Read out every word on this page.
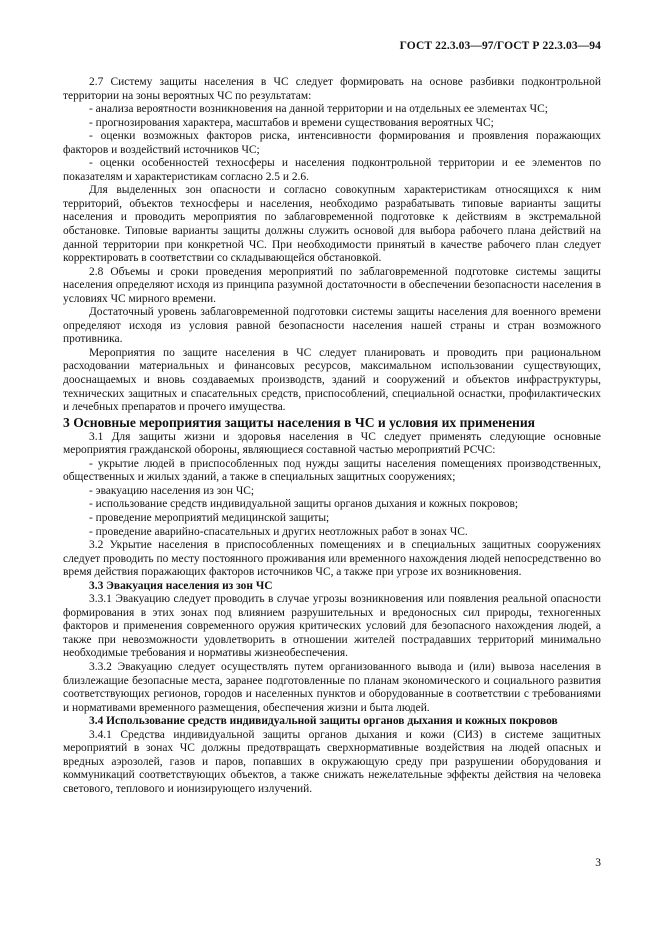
ГОСТ 22.3.03—97/ГОСТ Р 22.3.03—94

2.7 Систему защиты населения в ЧС следует формировать на основе разбивки подконтрольной территории на зоны вероятных ЧС по результатам:

- анализа вероятности возникновения на данной территории и на отдельных ее элементах ЧС;

- прогнозирования характера, масштабов и времени существования вероятных ЧС;

- оценки возможных факторов риска, интенсивности формирования и проявления поражающих факторов и воздействий источников ЧС;

- оценки особенностей техносферы и населения подконтрольной территории и ее элементов по показателям и характеристикам согласно 2.5 и 2.6.

Для выделенных зон опасности и согласно совокупным характеристикам относящихся к ним территорий, объектов техносферы и населения, необходимо разрабатывать типовые варианты защиты населения и проводить мероприятия по заблаговременной подготовке к действиям в экстремальной обстановке. Типовые варианты защиты должны служить основой для выбора рабочего плана действий на данной территории при конкретной ЧС. При необходимости принятый в качестве рабочего план следует корректировать в соответствии со складывающейся обстановкой.

2.8 Объемы и сроки проведения мероприятий по заблаговременной подготовке системы защиты населения определяют исходя из принципа разумной достаточности в обеспечении безопасности населения в условиях ЧС мирного времени.

Достаточный уровень заблаговременной подготовки системы защиты населения для военного времени определяют исходя из условия равной безопасности населения нашей страны и стран возможного противника.

Мероприятия по защите населения в ЧС следует планировать и проводить при рациональном расходовании материальных и финансовых ресурсов, максимальном использовании существующих, дооснащаемых и вновь создаваемых производств, зданий и сооружений и объектов инфраструктуры, технических защитных и спасательных средств, приспособлений, специальной оснастки, профилактических и лечебных препаратов и прочего имущества.

3 Основные мероприятия защиты населения в ЧС и условия их применения

3.1 Для защиты жизни и здоровья населения в ЧС следует применять следующие основные мероприятия гражданской обороны, являющиеся составной частью мероприятий РСЧС:

- укрытие людей в приспособленных под нужды защиты населения помещениях производственных, общественных и жилых зданий, а также в специальных защитных сооружениях;

- эвакуацию населения из зон ЧС;

- использование средств индивидуальной защиты органов дыхания и кожных покровов;

- проведение мероприятий медицинской защиты;

- проведение аварийно-спасательных и других неотложных работ в зонах ЧС.

3.2 Укрытие населения в приспособленных помещениях и в специальных защитных сооружениях следует проводить по месту постоянного проживания или временного нахождения людей непосредственно во время действия поражающих факторов источников ЧС, а также при угрозе их возникновения.

3.3 Эвакуация населения из зон ЧС

3.3.1 Эвакуацию следует проводить в случае угрозы возникновения или появления реальной опасности формирования в этих зонах под влиянием разрушительных и вредоносных сил природы, техногенных факторов и применения современного оружия критических условий для безопасного нахождения людей, а также при невозможности удовлетворить в отношении жителей пострадавших территорий минимально необходимые требования и нормативы жизнеобеспечения.

3.3.2 Эвакуацию следует осуществлять путем организованного вывода и (или) вывоза населения в близлежащие безопасные места, заранее подготовленные по планам экономического и социального развития соответствующих регионов, городов и населенных пунктов и оборудованные в соответствии с требованиями и нормативами временного размещения, обеспечения жизни и быта людей.

3.4 Использование средств индивидуальной защиты органов дыхания и кожных покровов

3.4.1 Средства индивидуальной защиты органов дыхания и кожи (СИЗ) в системе защитных мероприятий в зонах ЧС должны предотвращать сверхнормативные воздействия на людей опасных и вредных аэрозолей, газов и паров, попавших в окружающую среду при разрушении оборудования и коммуникаций соответствующих объектов, а также снижать нежелательные эффекты действия на человека светового, теплового и ионизирующего излучений.

3
